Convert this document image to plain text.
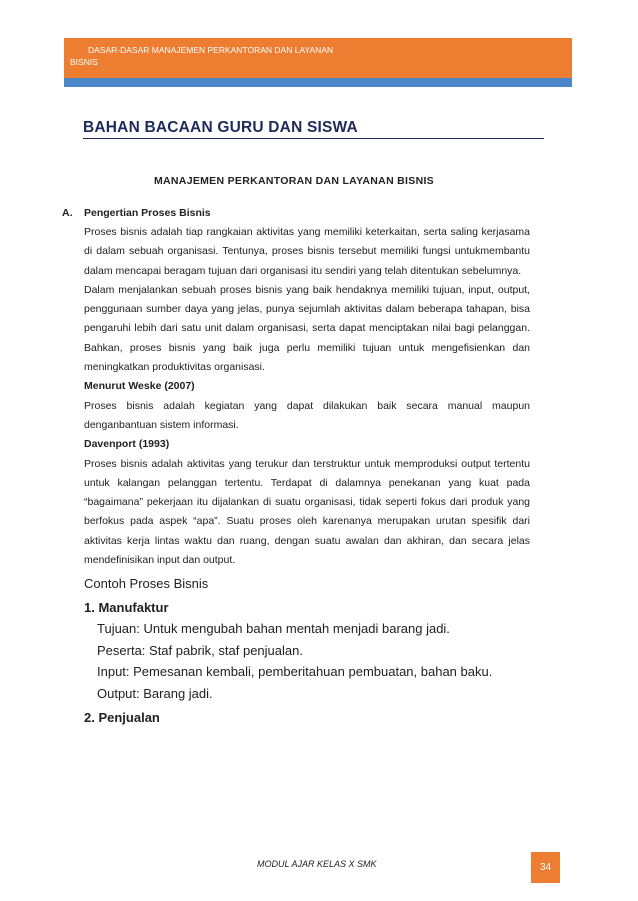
DASAR-DASAR MANAJEMEN PERKANTORAN DAN LAYANAN
BISNIS
BAHAN BACAAN GURU DAN SISWA
MANAJEMEN PERKANTORAN DAN LAYANAN BISNIS
A. Pengertian Proses Bisnis

Proses bisnis adalah tiap rangkaian aktivitas yang memiliki keterkaitan, serta saling kerjasama di dalam sebuah organisasi. Tentunya, proses bisnis tersebut memiliki fungsi untukmembantu dalam mencapai beragam tujuan dari organisasi itu sendiri yang telah ditentukan sebelumnya.

Dalam menjalankan sebuah proses bisnis yang baik hendaknya memiliki tujuan, input, output, penggunaan sumber daya yang jelas, punya sejumlah aktivitas dalam beberapa tahapan, bisa pengaruhi lebih dari satu unit dalam organisasi, serta dapat menciptakan nilai bagi pelanggan. Bahkan, proses bisnis yang baik juga perlu memiliki tujuan untuk mengefisienkan dan meningkatkan produktivitas organisasi.

Menurut Weske (2007)

Proses bisnis adalah kegiatan yang dapat dilakukan baik secara manual maupun denganbantuan sistem informasi.

Davenport (1993)

Proses bisnis adalah aktivitas yang terukur dan terstruktur untuk memproduksi output tertentu untuk kalangan pelanggan tertentu. Terdapat di dalamnya penekanan yang kuat pada “bagaimana” pekerjaan itu dijalankan di suatu organisasi, tidak seperti fokus dari produk yang berfokus pada aspek “apa”. Suatu proses oleh karenanya merupakan urutan spesifik dari aktivitas kerja lintas waktu dan ruang, dengan suatu awalan dan akhiran, dan secara jelas mendefinisikan input dan output.

Contoh Proses Bisnis

1. Manufaktur

Tujuan: Untuk mengubah bahan mentah menjadi barang jadi.

Peserta: Staf pabrik, staf penjualan.

Input: Pemesanan kembali, pemberitahuan pembuatan, bahan baku.

Output: Barang jadi.

2. Penjualan

MODUL AJAR KELAS X SMK	34
